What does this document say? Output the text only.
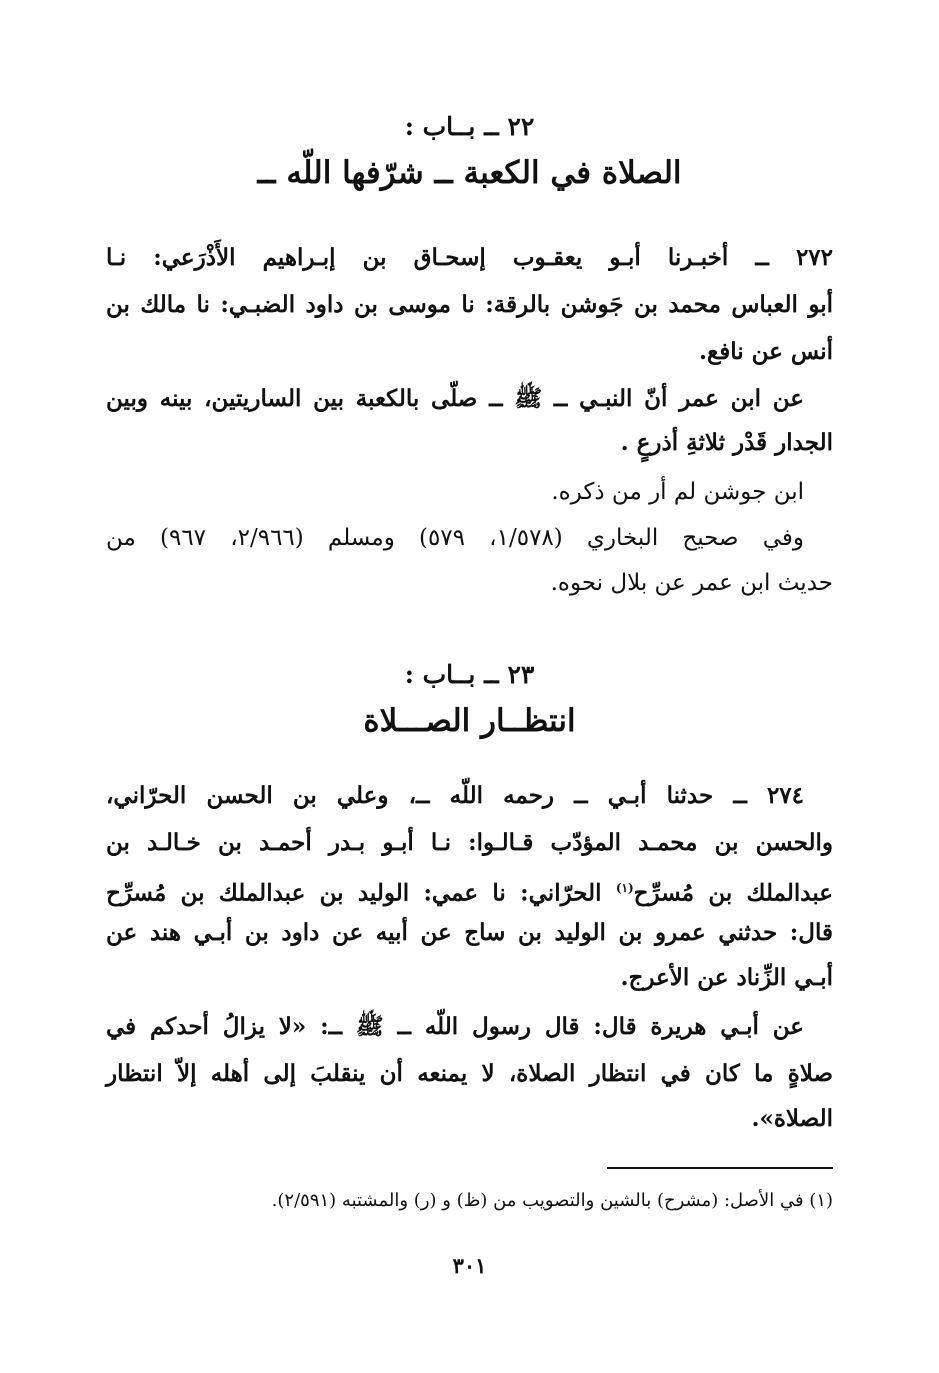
٢٢ ــ بــاب :
الصلاة في الكعبة ــ شرّفها اللّه ــ
٢٧٢ ــ أخبـرنا أبـو يعقـوب إسحـاق بن إبـراهيم الأَذْرَعي: نـا
أبو العباس محمد بن جَوشن بالرقة: نا موسى بن داود الضبـي: نا مالك بن
أنس عن نافع.
عن ابن عمر أنّ النبـي ــ ﷺ ــ صلّى بالكعبة بين الساريتين، بينه وبين
الجدار قَدْر ثلاثةِ أذرعٍ .
ابن جوشن لم أر من ذكره.
وفي صحيح البخاري (١/٥٧٨، ٥٧٩) ومسلم (٢/٩٦٦، ٩٦٧) من
حديث ابن عمر عن بلال نحوه.
٢٣ ــ بــاب :
انتظــار الصـــلاة
٢٧٤ ــ حدثنا أبـي ــ رحمه اللّه ــ، وعلي بن الحسن الحرّاني،
والحسن بن محمـد المؤدّب قـالـوا: نـا أبـو بـدر أحمـد بن خـالـد بن
عبدالملك بن مُسرِّح$^{(١)}$ الحرّاني: نا عمي: الوليد بن عبدالملك بن مُسرِّح
قال: حدثني عمرو بن الوليد بن ساج عن أبيه عن داود بن أبـي هند عن
أبـي الزِّناد عن الأعرج.
عن أبـي هريرة قال: قال رسول اللّه ــ ﷺ ــ: «لا يزالُ أحدكم في
صلاةٍ ما كان في انتظار الصلاة، لا يمنعه أن ينقلبَ إلى أهله إلاّ انتظار
الصلاة».
(١) في الأصل: (مشرح) بالشين والتصويب من (ظ) و (ر) والمشتبه (٢/٥٩١).
٣٠١
